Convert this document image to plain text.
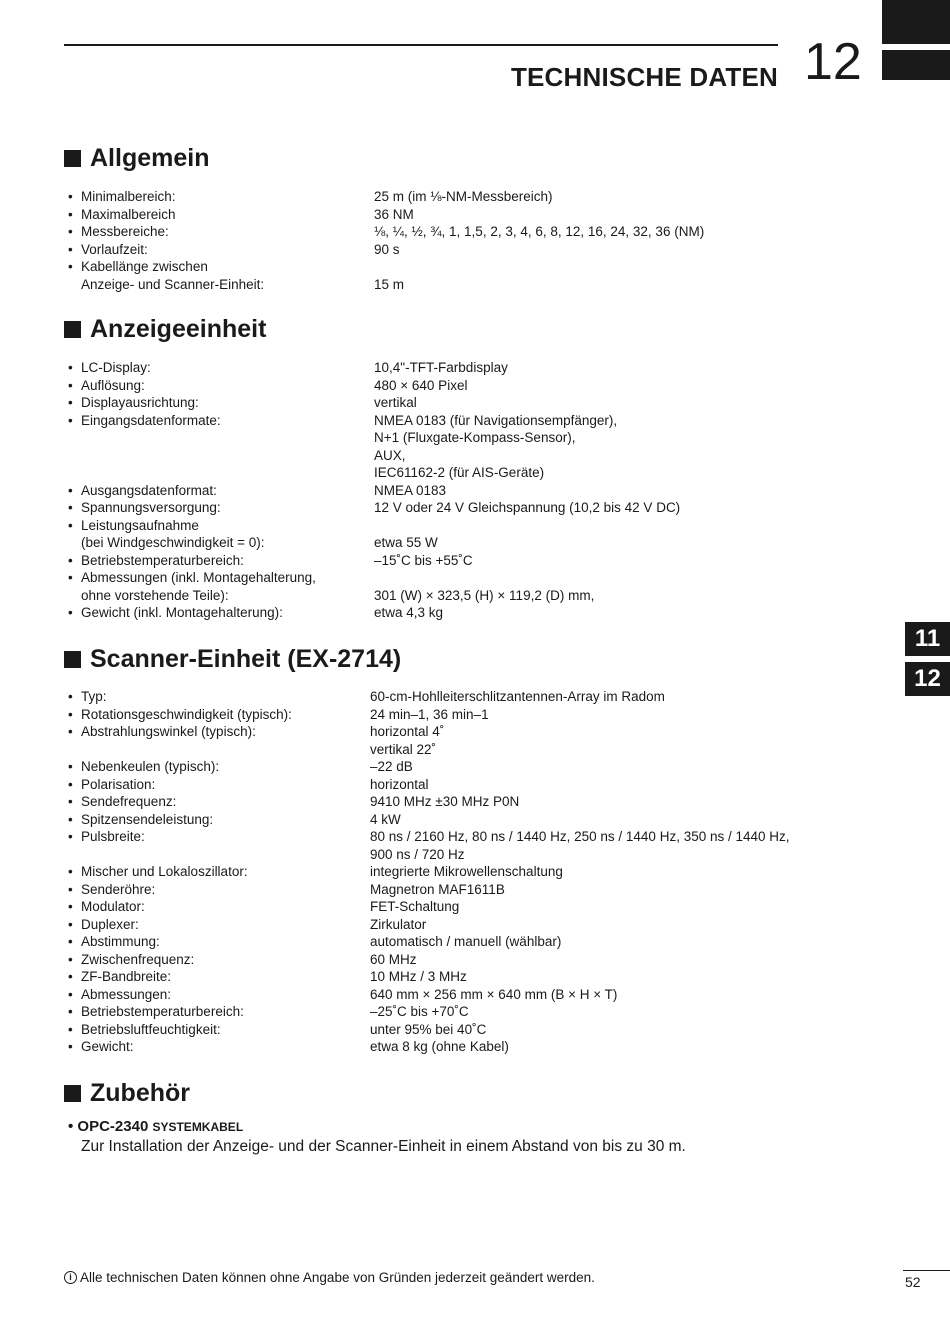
TECHNISCHE DATEN 12
11
12
Allgemein
• Minimalbereich:	25 m (im ⅛-NM-Messbereich)
• Maximalbereich	36 NM
• Messbereiche:	⅛, ¼, ½, ¾, 1, 1,5, 2, 3, 4, 6, 8, 12, 16, 24, 32, 36 (NM)
• Vorlaufzeit:	90 s
• Kabellänge zwischen
Anzeige- und Scanner-Einheit:	15 m
Anzeigeeinheit
• LC-Display:	10,4"-TFT-Farbdisplay
• Auflösung:	480 × 640 Pixel
• Displayausrichtung:	vertikal
• Eingangsdatenformate:	NMEA 0183 (für Navigationsempfänger),
N+1 (Fluxgate-Kompass-Sensor),
AUX,
IEC61162-2 (für AIS-Geräte)
• Ausgangsdatenformat:	NMEA 0183
• Spannungsversorgung:	12 V oder 24 V Gleichspannung (10,2 bis 42 V DC)
• Leistungsaufnahme
(bei Windgeschwindigkeit = 0):	etwa 55 W
• Betriebstemperaturbereich:	–15˚C bis +55˚C
• Abmessungen (inkl. Montagehalterung,
ohne vorstehende Teile):	301 (W) × 323,5 (H) × 119,2 (D) mm,
• Gewicht (inkl. Montagehalterung):	etwa 4,3 kg
Scanner-Einheit (EX-2714)
• Typ:	60-cm-Hohlleiterschlitzantennen-Array im Radom
• Rotationsgeschwindigkeit (typisch):	24 min–1, 36 min–1
• Abstrahlungswinkel (typisch):	horizontal 4˚
vertikal 22˚
• Nebenkeulen (typisch):	–22 dB
• Polarisation:	horizontal
• Sendefrequenz:	9410 MHz ±30 MHz P0N
• Spitzensendeleistung:	4 kW
• Pulsbreite:	80 ns / 2160 Hz, 80 ns / 1440 Hz, 250 ns / 1440 Hz, 350 ns / 1440 Hz,
900 ns / 720 Hz
• Mischer und Lokaloszillator:	integrierte Mikrowellenschaltung
• Senderöhre:	Magnetron MAF1611B
• Modulator:	FET-Schaltung
• Duplexer:	Zirkulator
• Abstimmung:	automatisch / manuell (wählbar)
• Zwischenfrequenz:	60 MHz
• ZF-Bandbreite:	10 MHz / 3 MHz
• Abmessungen:	640 mm × 256 mm × 640 mm (B × H × T)
• Betriebstemperaturbereich:	–25˚C bis +70˚C
• Betriebsluftfeuchtigkeit:	unter 95% bei 40˚C
• Gewicht:	etwa 8 kg (ohne Kabel)
Zubehör
• OPC-2340 SYSTEMKABEL
Zur Installation der Anzeige- und der Scanner-Einheit in einem Abstand von bis zu 30 m.
i Alle technischen Daten können ohne Angabe von Gründen jederzeit geändert werden.	52
